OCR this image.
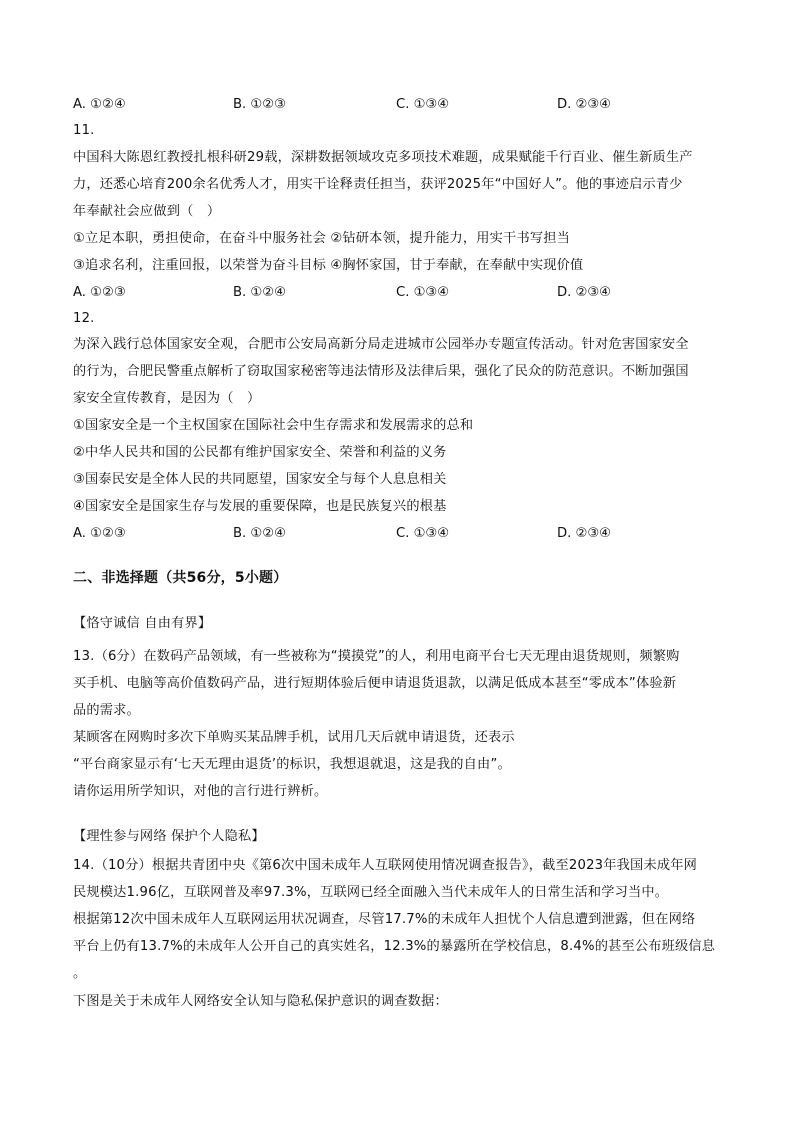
A. ①②④	B. ①②③	C. ①③④	D. ②③④
11.
中国科大陈恩红教授扎根科研29载，深耕数据领域攻克多项技术难题，成果赋能千行百业、催生新质生产
力，还悉心培育200余名优秀人才，用实干诠释责任担当，获评2025年“中国好人”。他的事迹启示青少
年奉献社会应做到（　）
①立足本职，勇担使命，在奋斗中服务社会 ②钻研本领，提升能力，用实干书写担当
③追求名利，注重回报，以荣誉为奋斗目标 ④胸怀家国，甘于奉献，在奉献中实现价值
A. ①②③	B. ①②④	C. ①③④	D. ②③④
12.
为深入践行总体国家安全观，合肥市公安局高新分局走进城市公园举办专题宣传活动。针对危害国家安全
的行为，合肥民警重点解析了窃取国家秘密等违法情形及法律后果，强化了民众的防范意识。不断加强国
家安全宣传教育，是因为（　）
①国家安全是一个主权国家在国际社会中生存需求和发展需求的总和
②中华人民共和国的公民都有维护国家安全、荣誉和利益的义务
③国泰民安是全体人民的共同愿望，国家安全与每个人息息相关
④国家安全是国家生存与发展的重要保障，也是民族复兴的根基
A. ①②③	B. ①②④	C. ①③④	D. ②③④
二、非选择题（共56分，5小题）
【恪守诚信 自由有界】
13.（6分）在数码产品领域，有一些被称为“摸摸党”的人，利用电商平台七天无理由退货规则，频繁购
买手机、电脑等高价值数码产品，进行短期体验后便申请退货退款，以满足低成本甚至“零成本”体验新
品的需求。
某顾客在网购时多次下单购买某品牌手机，试用几天后就申请退货，还表示
“平台商家显示有‘七天无理由退货’的标识，我想退就退，这是我的自由”。
请你运用所学知识，对他的言行进行辨析。
【理性参与网络 保护个人隐私】
14.（10分）根据共青团中央《第6次中国未成年人互联网使用情况调查报告》，截至2023年我国未成年网
民规模达1.96亿，互联网普及率97.3%，互联网已经全面融入当代未成年人的日常生活和学习当中。
根据第12次中国未成年人互联网运用状况调查，尽管17.7%的未成年人担忧个人信息遭到泄露，但在网络
平台上仍有13.7%的未成年人公开自己的真实姓名，12.3%的暴露所在学校信息，8.4%的甚至公布班级信息
。
下图是关于未成年人网络安全认知与隐私保护意识的调查数据：
